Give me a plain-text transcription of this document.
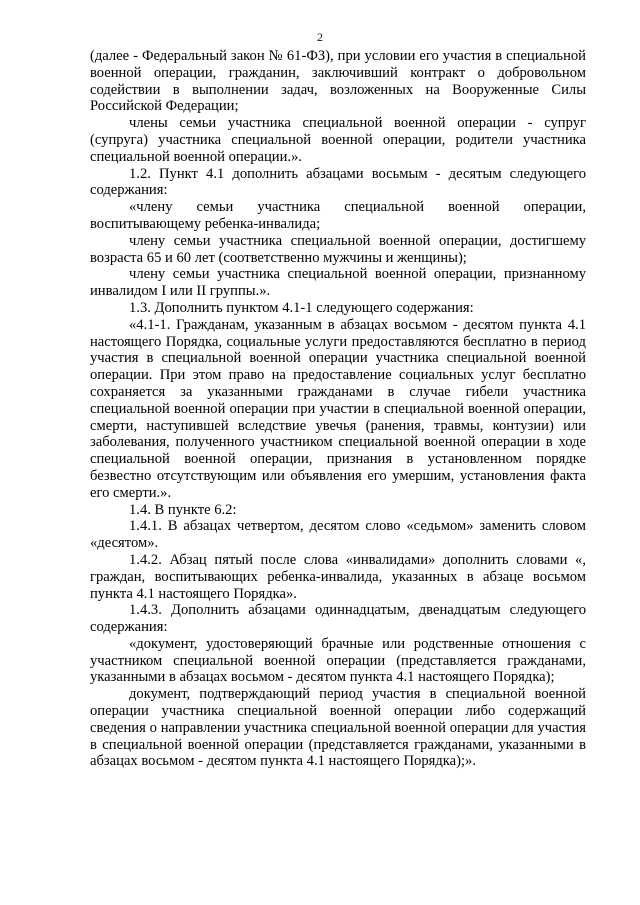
2

(далее - Федеральный закон № 61-ФЗ), при условии его участия в специальной военной операции, гражданин, заключивший контракт о добровольном содействии в выполнении задач, возложенных на Вооруженные Силы Российской Федерации;

члены семьи участника специальной военной операции - супруг (супруга) участника специальной военной операции, родители участника специальной военной операции.».

1.2. Пункт 4.1 дополнить абзацами восьмым - десятым следующего содержания:

«члену семьи участника специальной военной операции, воспитывающему ребенка-инвалида;

члену семьи участника специальной военной операции, достигшему возраста 65 и 60 лет (соответственно мужчины и женщины);

члену семьи участника специальной военной операции, признанному инвалидом I или II группы.».

1.3. Дополнить пунктом 4.1-1 следующего содержания:

«4.1-1. Гражданам, указанным в абзацах восьмом - десятом пункта 4.1 настоящего Порядка, социальные услуги предоставляются бесплатно в период участия в специальной военной операции участника специальной военной операции. При этом право на предоставление социальных услуг бесплатно сохраняется за указанными гражданами в случае гибели участника специальной военной операции при участии в специальной военной операции, смерти, наступившей вследствие увечья (ранения, травмы, контузии) или заболевания, полученного участником специальной военной операции в ходе специальной военной операции, признания в установленном порядке безвестно отсутствующим или объявления его умершим, установления факта его смерти.».

1.4. В пункте 6.2:

1.4.1. В абзацах четвертом, десятом слово «седьмом» заменить словом «десятом».

1.4.2. Абзац пятый после слова «инвалидами» дополнить словами «, граждан, воспитывающих ребенка-инвалида, указанных в абзаце восьмом пункта 4.1 настоящего Порядка».

1.4.3. Дополнить абзацами одиннадцатым, двенадцатым следующего содержания:

«документ, удостоверяющий брачные или родственные отношения с участником специальной военной операции (представляется гражданами, указанными в абзацах восьмом - десятом пункта 4.1 настоящего Порядка);

документ, подтверждающий период участия в специальной военной операции участника специальной военной операции либо содержащий сведения о направлении участника специальной военной операции для участия в специальной военной операции (представляется гражданами, указанными в абзацах восьмом - десятом пункта 4.1 настоящего Порядка);».
